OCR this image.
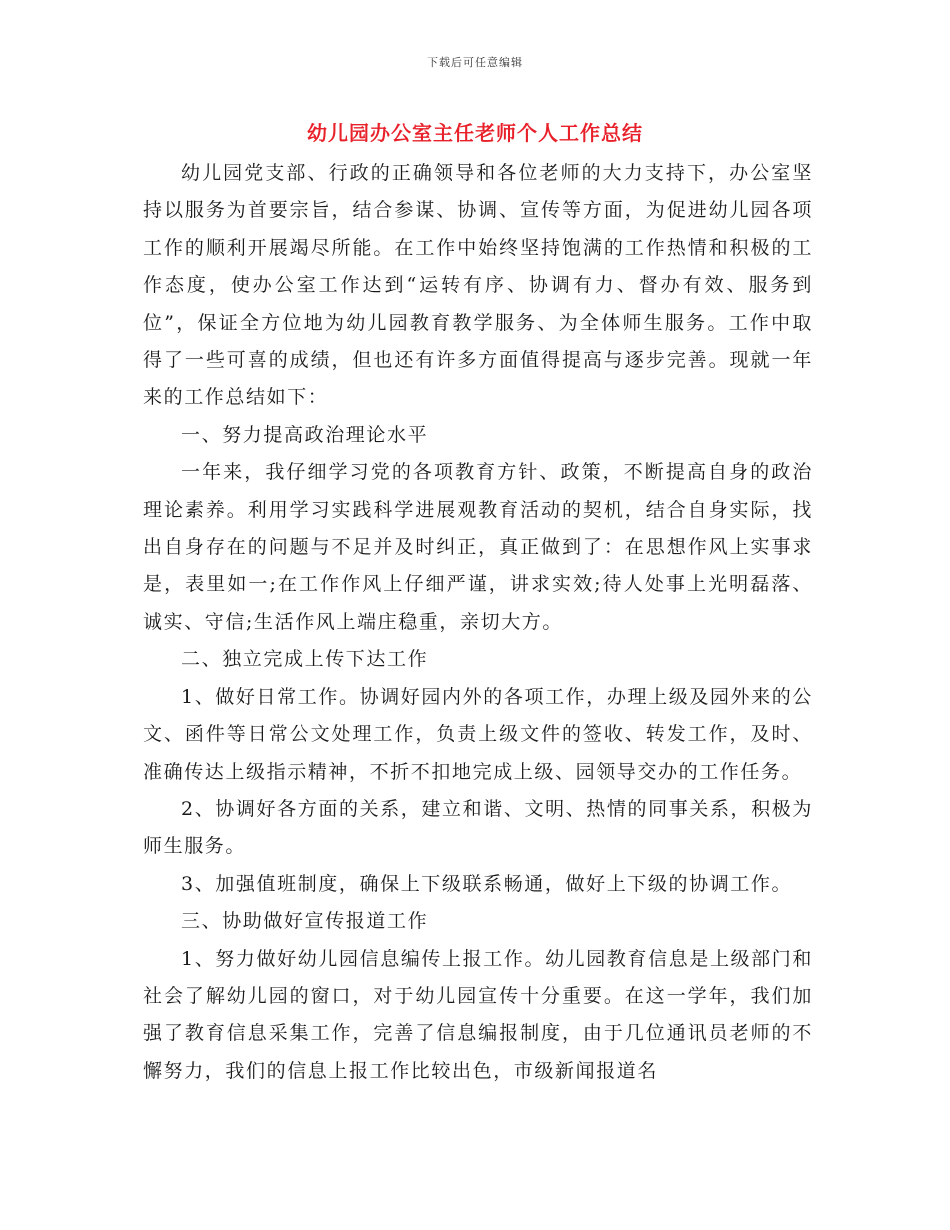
下载后可任意编辑
幼儿园办公室主任老师个人工作总结

幼儿园党支部、行政的正确领导和各位老师的大力支持下，办公室坚持以服务为首要宗旨，结合参谋、协调、宣传等方面，为促进幼儿园各项工作的顺利开展竭尽所能。在工作中始终坚持饱满的工作热情和积极的工作态度，使办公室工作达到“运转有序、协调有力、督办有效、服务到位”，保证全方位地为幼儿园教育教学服务、为全体师生服务。工作中取得了一些可喜的成绩，但也还有许多方面值得提高与逐步完善。现就一年来的工作总结如下：

一、努力提高政治理论水平

一年来，我仔细学习党的各项教育方针、政策，不断提高自身的政治理论素养。利用学习实践科学进展观教育活动的契机，结合自身实际，找出自身存在的问题与不足并及时纠正，真正做到了：在思想作风上实事求是，表里如一;在工作作风上仔细严谨，讲求实效;待人处事上光明磊落、诚实、守信;生活作风上端庄稳重，亲切大方。

二、独立完成上传下达工作

1、做好日常工作。协调好园内外的各项工作，办理上级及园外来的公文、函件等日常公文处理工作，负责上级文件的签收、转发工作，及时、准确传达上级指示精神，不折不扣地完成上级、园领导交办的工作任务。

2、协调好各方面的关系，建立和谐、文明、热情的同事关系，积极为师生服务。

3、加强值班制度，确保上下级联系畅通，做好上下级的协调工作。

三、协助做好宣传报道工作

1、努力做好幼儿园信息编传上报工作。幼儿园教育信息是上级部门和社会了解幼儿园的窗口，对于幼儿园宣传十分重要。在这一学年，我们加强了教育信息采集工作，完善了信息编报制度，由于几位通讯员老师的不懈努力，我们的信息上报工作比较出色，市级新闻报道名
